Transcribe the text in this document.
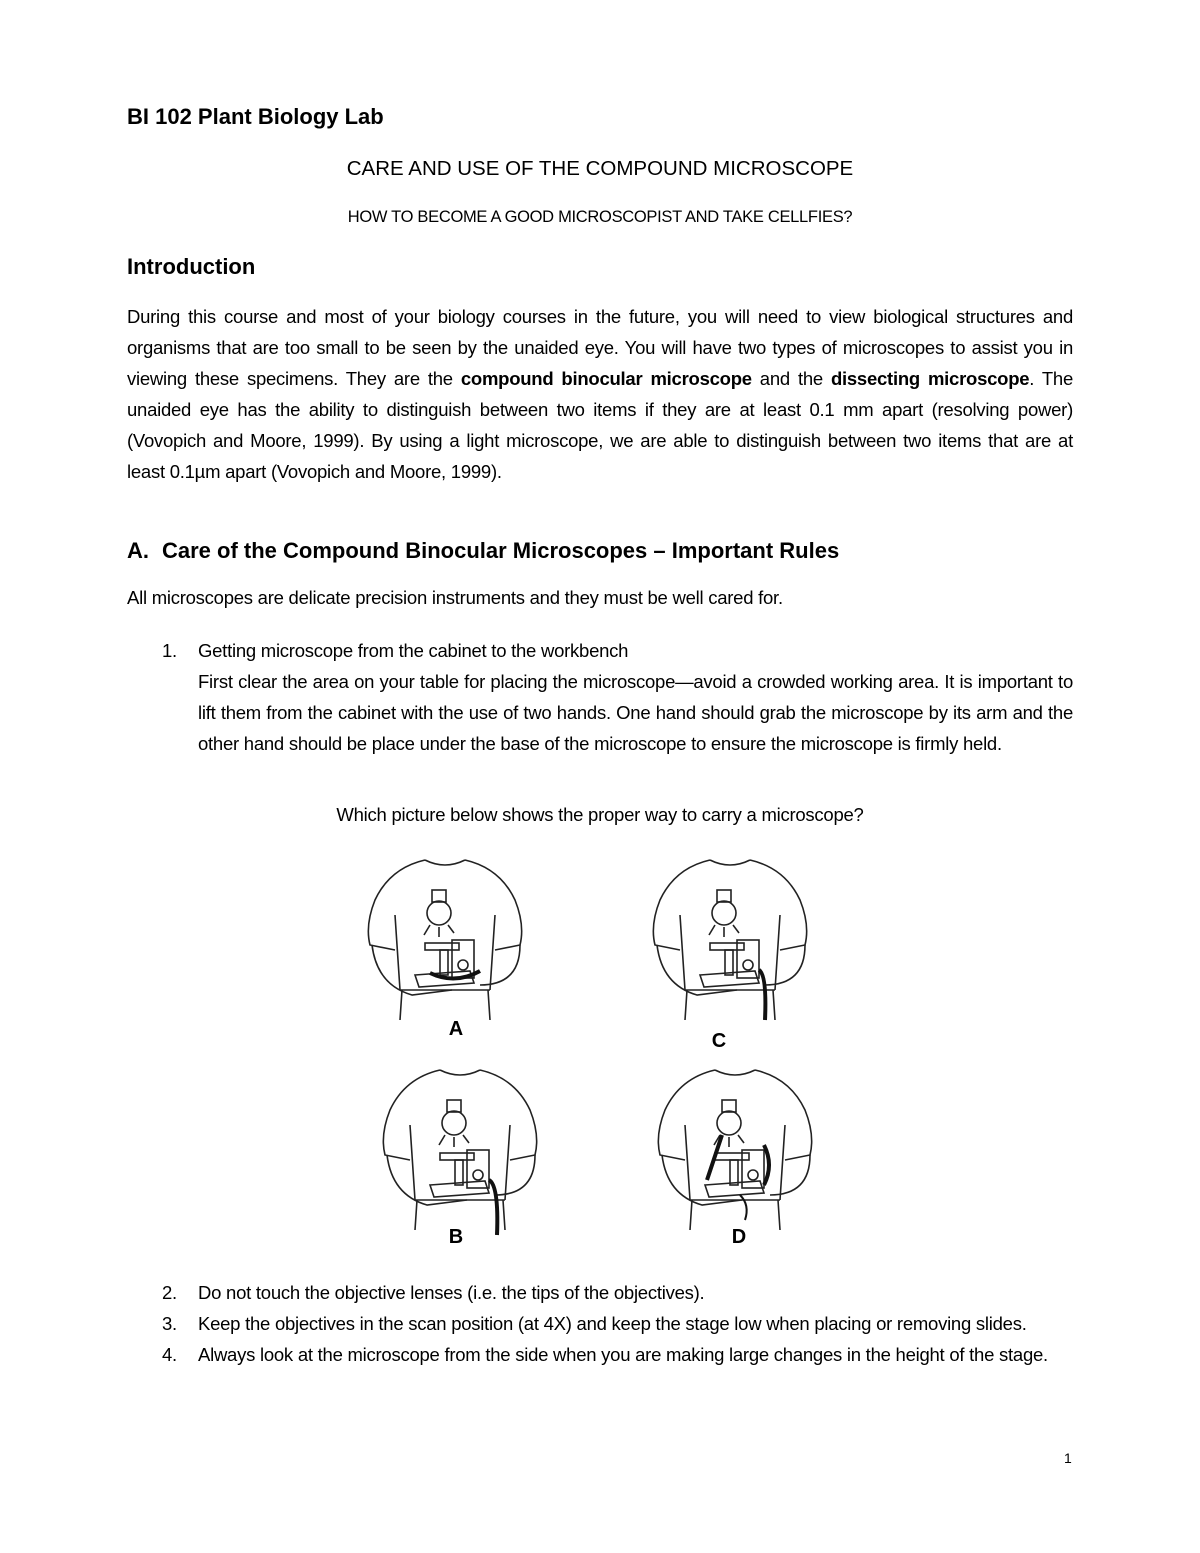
BI 102 Plant Biology Lab
CARE AND USE OF THE COMPOUND MICROSCOPE
HOW TO BECOME A GOOD MICROSCOPIST AND TAKE CELLFIES?
Introduction
During this course and most of your biology courses in the future, you will need to view biological structures and organisms that are too small to be seen by the unaided eye. You will have two types of microscopes to assist you in viewing these specimens. They are the compound binocular microscope and the dissecting microscope. The unaided eye has the ability to distinguish between two items if they are at least 0.1 mm apart (resolving power) (Vovopich and Moore, 1999). By using a light microscope, we are able to distinguish between two items that are at least 0.1µm apart (Vovopich and Moore, 1999).
A. Care of the Compound Binocular Microscopes – Important Rules
All microscopes are delicate precision instruments and they must be well cared for.
1.	Getting microscope from the cabinet to the workbench
First clear the area on your table for placing the microscope—avoid a crowded working area. It is important to lift them from the cabinet with the use of two hands. One hand should grab the microscope by its arm and the other hand should be place under the base of the microscope to ensure the microscope is firmly held.
Which picture below shows the proper way to carry a microscope?
A
C
B	D
2.	Do not touch the objective lenses (i.e. the tips of the objectives).
3.	Keep the objectives in the scan position (at 4X) and keep the stage low when placing or removing slides.
4.	Always look at the microscope from the side when you are making large changes in the height of the stage.
1
